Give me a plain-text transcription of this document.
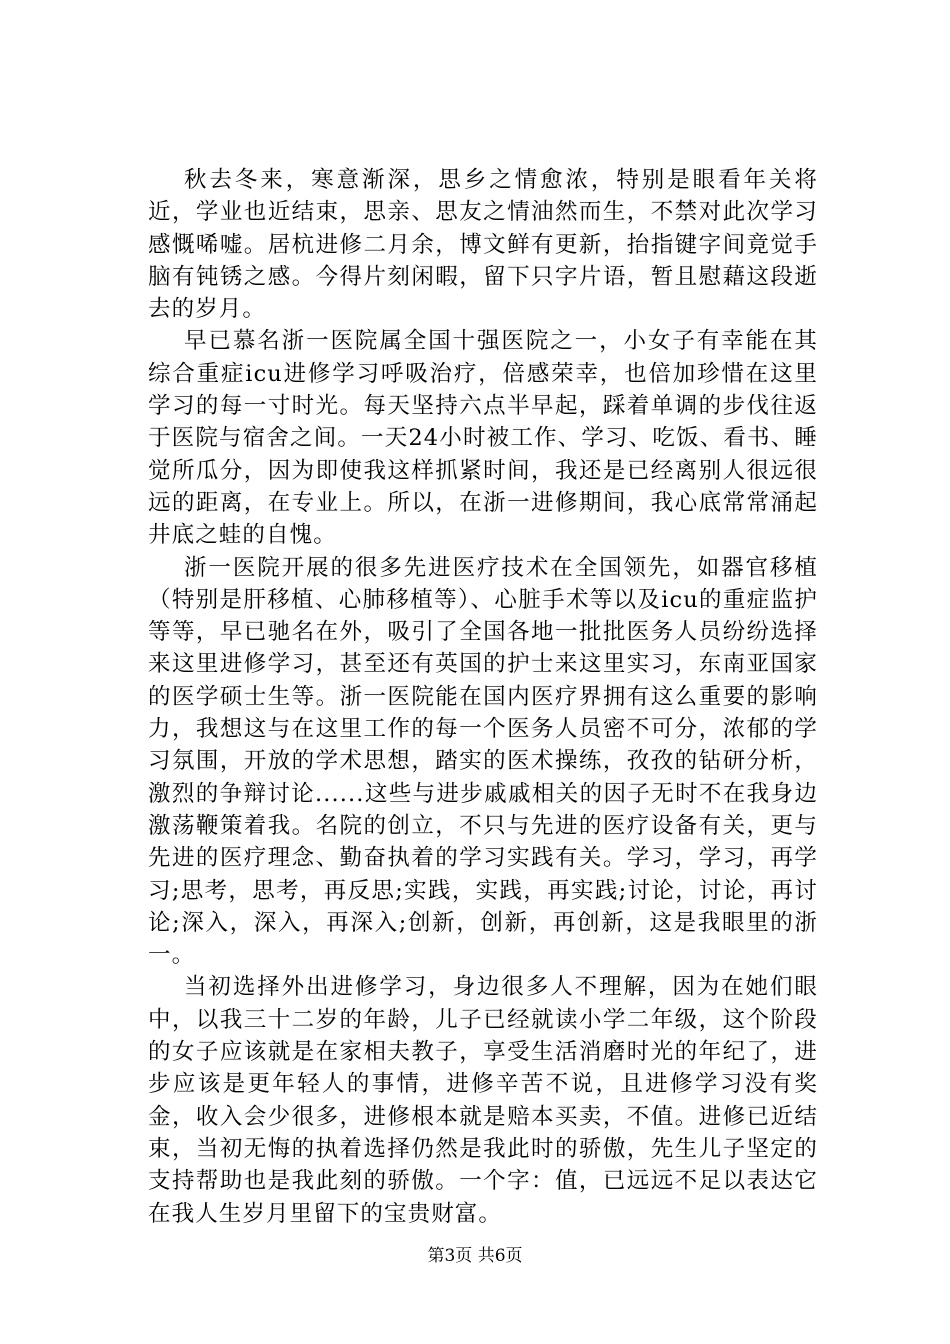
秋去冬来，寒意渐深，思乡之情愈浓，特别是眼看年关将近，学业也近结束，思亲、思友之情油然而生，不禁对此次学习感慨唏嘘。居杭进修二月余，博文鲜有更新，抬指键字间竟觉手脑有钝锈之感。今得片刻闲暇，留下只字片语，暂且慰藉这段逝去的岁月。

早已慕名浙一医院属全国十强医院之一，小女子有幸能在其综合重症icu进修学习呼吸治疗，倍感荣幸，也倍加珍惜在这里学习的每一寸时光。每天坚持六点半早起，踩着单调的步伐往返于医院与宿舍之间。一天24小时被工作、学习、吃饭、看书、睡觉所瓜分，因为即使我这样抓紧时间，我还是已经离别人很远很远的距离，在专业上。所以，在浙一进修期间，我心底常常涌起井底之蛙的自愧。

浙一医院开展的很多先进医疗技术在全国领先，如器官移植（特别是肝移植、心肺移植等）、心脏手术等以及icu的重症监护等等，早已驰名在外，吸引了全国各地一批批医务人员纷纷选择来这里进修学习，甚至还有英国的护士来这里实习，东南亚国家的医学硕士生等。浙一医院能在国内医疗界拥有这么重要的影响力，我想这与在这里工作的每一个医务人员密不可分，浓郁的学习氛围，开放的学术思想，踏实的医术操练，孜孜的钻研分析，激烈的争辩讨论......这些与进步戚戚相关的因子无时不在我身边激荡鞭策着我。名院的创立，不只与先进的医疗设备有关，更与先进的医疗理念、勤奋执着的学习实践有关。学习，学习，再学习;思考，思考，再反思;实践，实践，再实践;讨论，讨论，再讨论;深入，深入，再深入;创新，创新，再创新，这是我眼里的浙一。

当初选择外出进修学习，身边很多人不理解，因为在她们眼中，以我三十二岁的年龄，儿子已经就读小学二年级，这个阶段的女子应该就是在家相夫教子，享受生活消磨时光的年纪了，进步应该是更年轻人的事情，进修辛苦不说，且进修学习没有奖金，收入会少很多，进修根本就是赔本买卖，不值。进修已近结束，当初无悔的执着选择仍然是我此时的骄傲，先生儿子坚定的支持帮助也是我此刻的骄傲。一个字：值，已远远不足以表达它在我人生岁月里留下的宝贵财富。

第3页 共6页
